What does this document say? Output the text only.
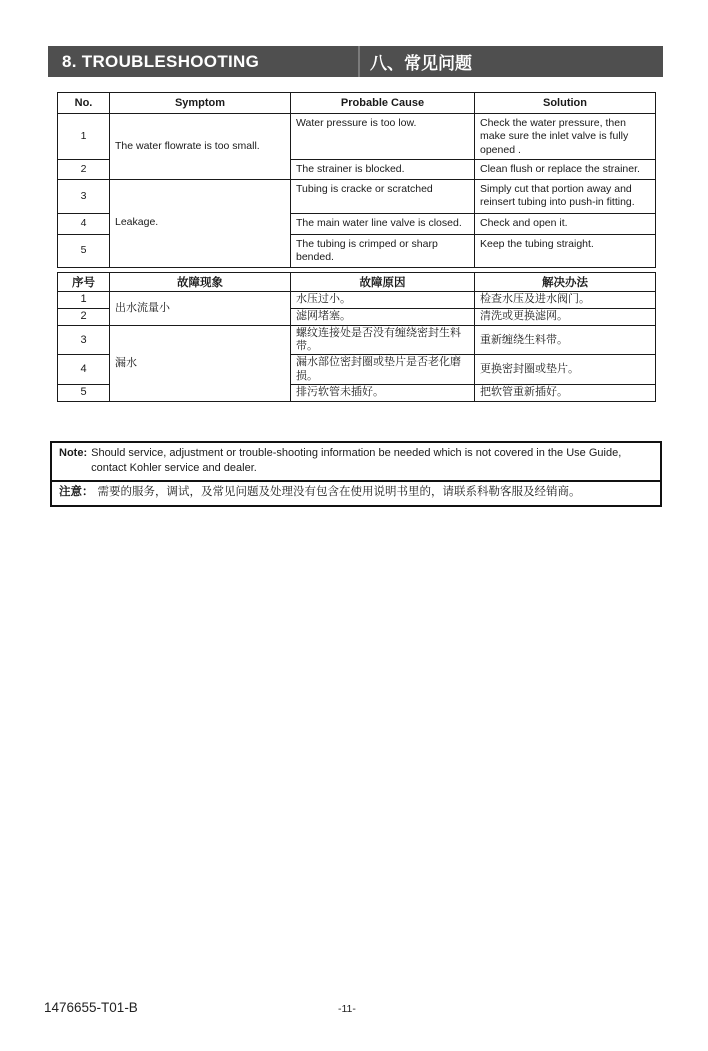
8. TROUBLESHOOTING	八、常见问题
No.	Symptom	Probable Cause	Solution
1	The water flowrate is too small.	Water pressure is too low.	Check the water pressure, then make sure the inlet valve is fully opened .
2		The strainer is blocked.	Clean flush or replace the strainer.
3	Leakage.	Tubing is cracke or scratched	Simply cut that portion away and reinsert tubing into push-in fitting.
4		The main water line valve is closed.	Check and open it.
5		The tubing is crimped or sharp bended.	Keep the tubing straight.
序号	故障现象	故障原因	解决办法
1	出水流量小	水压过小。	检查水压及进水阀门。
2		滤网堵塞。	清洗或更换滤网。
3	漏水	螺纹连接处是否没有缠绕密封生料带。	重新缠绕生料带。
4		漏水部位密封圈或垫片是否老化磨损。	更换密封圈或垫片。
5		排污软管未插好。	把软管重新插好。
Note: Should service, adjustment or trouble-shooting information be needed which is not covered in the Use Guide, contact Kohler service and dealer.
注意： 需要的服务，调试，及常见问题及处理没有包含在使用说明书里的，请联系科勒客服及经销商。
1476655-T01-B	-11-
